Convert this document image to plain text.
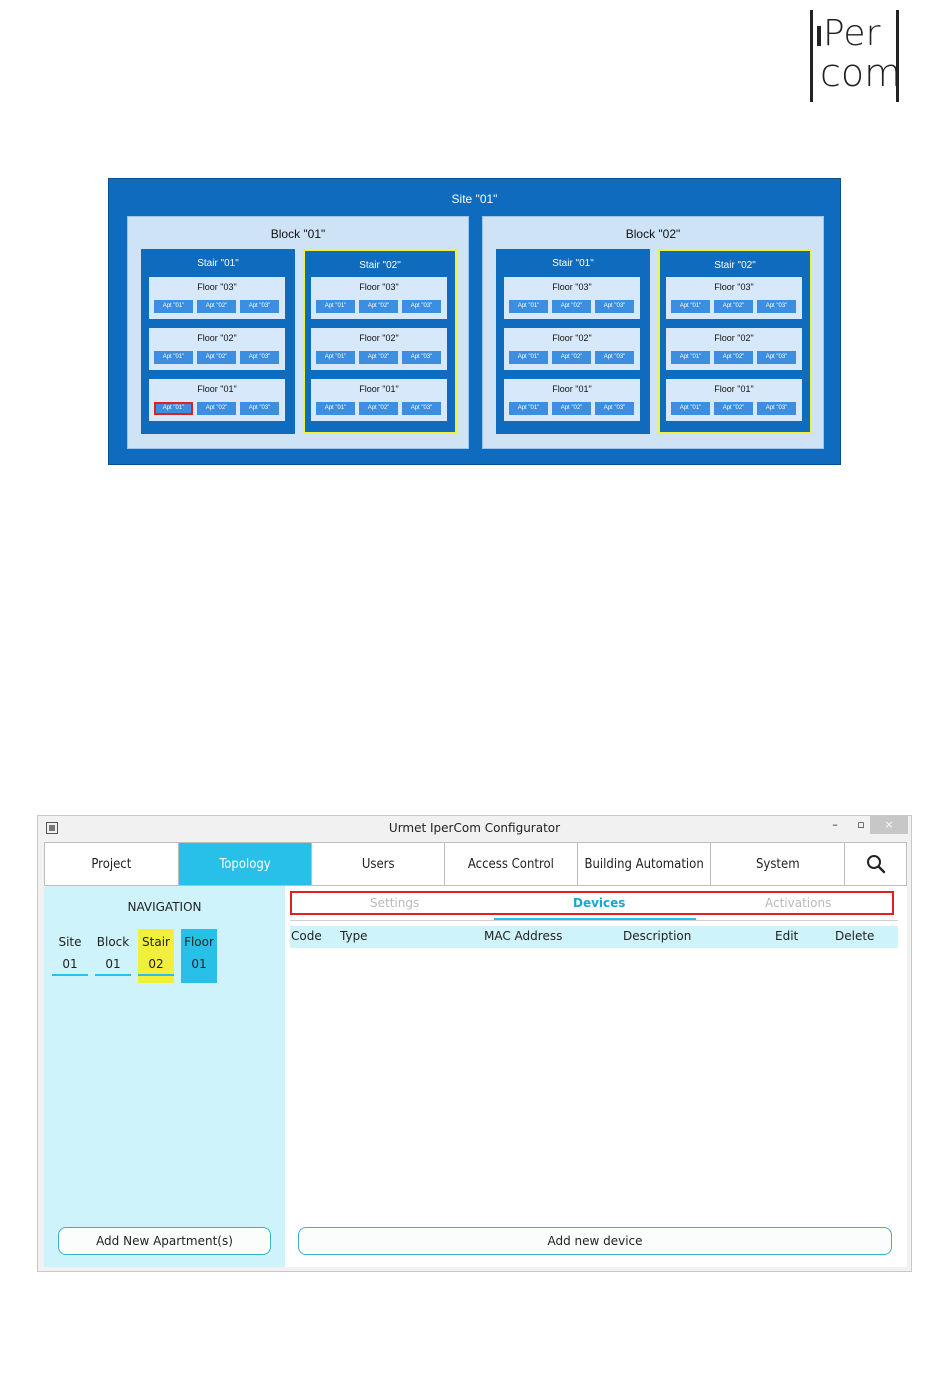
Per
com
Site "01"
Block "01"
Stair "01"
Floor "03"
Apt "01"	Apt "02"	Apt "03"
Floor "02"
Apt "01"	Apt "02"	Apt "03"
Floor "01"
Apt "01"	Apt "02"	Apt "03"
Stair "02"
Floor "03"
Apt "01"	Apt "02"	Apt "03"
Floor "02"
Apt "01"	Apt "02"	Apt "03"
Floor "01"
Apt "01"	Apt "02"	Apt "03"
Block "02"
Stair "01"
Floor "03"
Apt "01"	Apt "02"	Apt "03"
Floor "02"
Apt "01"	Apt "02"	Apt "03"
Floor "01"
Apt "01"	Apt "02"	Apt "03"
Stair "02"
Floor "03"
Apt "01"	Apt "02"	Apt "03"
Floor "02"
Apt "01"	Apt "02"	Apt "03"
Floor "01"
Apt "01"	Apt "02"	Apt "03"
Urmet IperCom Configurator	–	▫	×
Project	Topology	Users	Access Control	Building Automation	System
NAVIGATION
Site
01
Block
01
Stair
02
Floor
01
Add New Apartment(s)
Settings	Devices	Activations
Code Type	MAC Address	Description	Edit	Delete
Add new device
